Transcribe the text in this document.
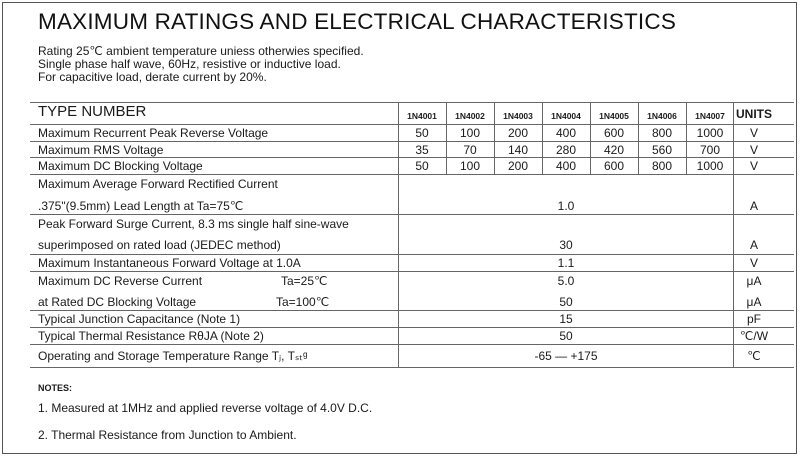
MAXIMUM RATINGS AND ELECTRICAL CHARACTERISTICS
Rating 25℃ ambient temperature uniess otherwies specified.
Single phase half wave, 60Hz, resistive or inductive load.
For capacitive load, derate current by 20%.
TYPE NUMBER	1N4001 1N4002 1N4003 1N4004 1N4005 1N4006 1N4007 UNITS
Maximum Recurrent Peak Reverse Voltage	50	100 200 400 600 800 1000 V
Maximum RMS Voltage	35	70	140 280 420 560 700 V
Maximum DC Blocking Voltage	50	100 200 400 600 800 1000 V
Maximum Average Forward Rectified Current
.375"(9.5mm) Lead Length at Ta=75℃	1.0	A
Peak Forward Surge Current, 8.3 ms single half sine-wave
superimposed on rated load (JEDEC method)	30	A
Maximum Instantaneous Forward Voltage at 1.0A	1.1	V
Maximum DC Reverse Current	Ta=25℃	5.0	μA
at Rated DC Blocking Voltage	Ta=100℃	50	μA
Typical Junction Capacitance (Note 1)	15	pF
Typical Thermal Resistance RθJA (Note 2)	50	℃/W
Operating and Storage Temperature Range Tⱼ, Tₛₜᵍ	-65 — +175	℃
NOTES:
1. Measured at 1MHz and applied reverse voltage of 4.0V D.C.
2. Thermal Resistance from Junction to Ambient.
